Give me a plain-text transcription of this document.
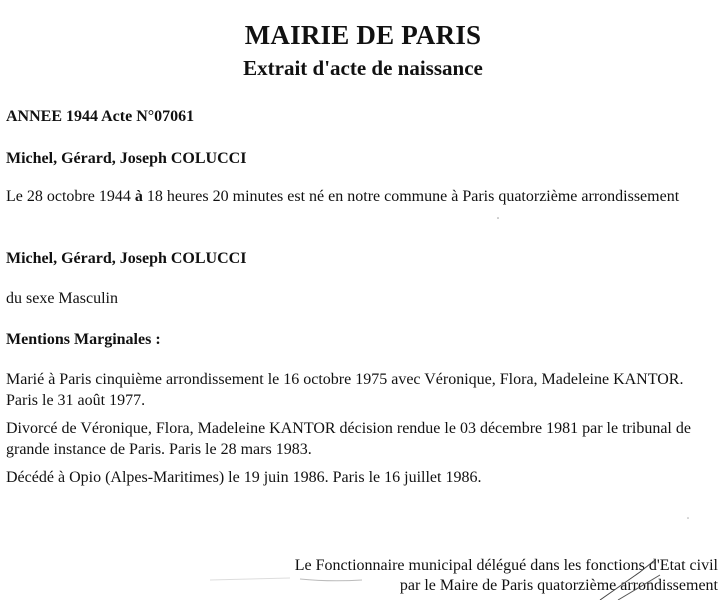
MAIRIE DE PARIS
Extrait d'acte de naissance
ANNEE 1944 Acte N°07061
Michel, Gérard, Joseph COLUCCI
Le 28 octobre 1944 à 18 heures 20 minutes est né en notre commune à Paris quatorzième arrondissement
Michel, Gérard, Joseph COLUCCI
du sexe Masculin
Mentions Marginales :
Marié à Paris cinquième arrondissement le 16 octobre 1975 avec Véronique, Flora, Madeleine KANTOR. Paris le 31 août 1977.
Divorcé de Véronique, Flora, Madeleine KANTOR décision rendue le 03 décembre 1981 par le tribunal de grande instance de Paris. Paris le 28 mars 1983.
Décédé à Opio (Alpes-Maritimes) le 19 juin 1986. Paris le 16 juillet 1986.
Le Fonctionnaire municipal délégué dans les fonctions d'Etat civil
par le Maire de Paris quatorzième arrondissement
